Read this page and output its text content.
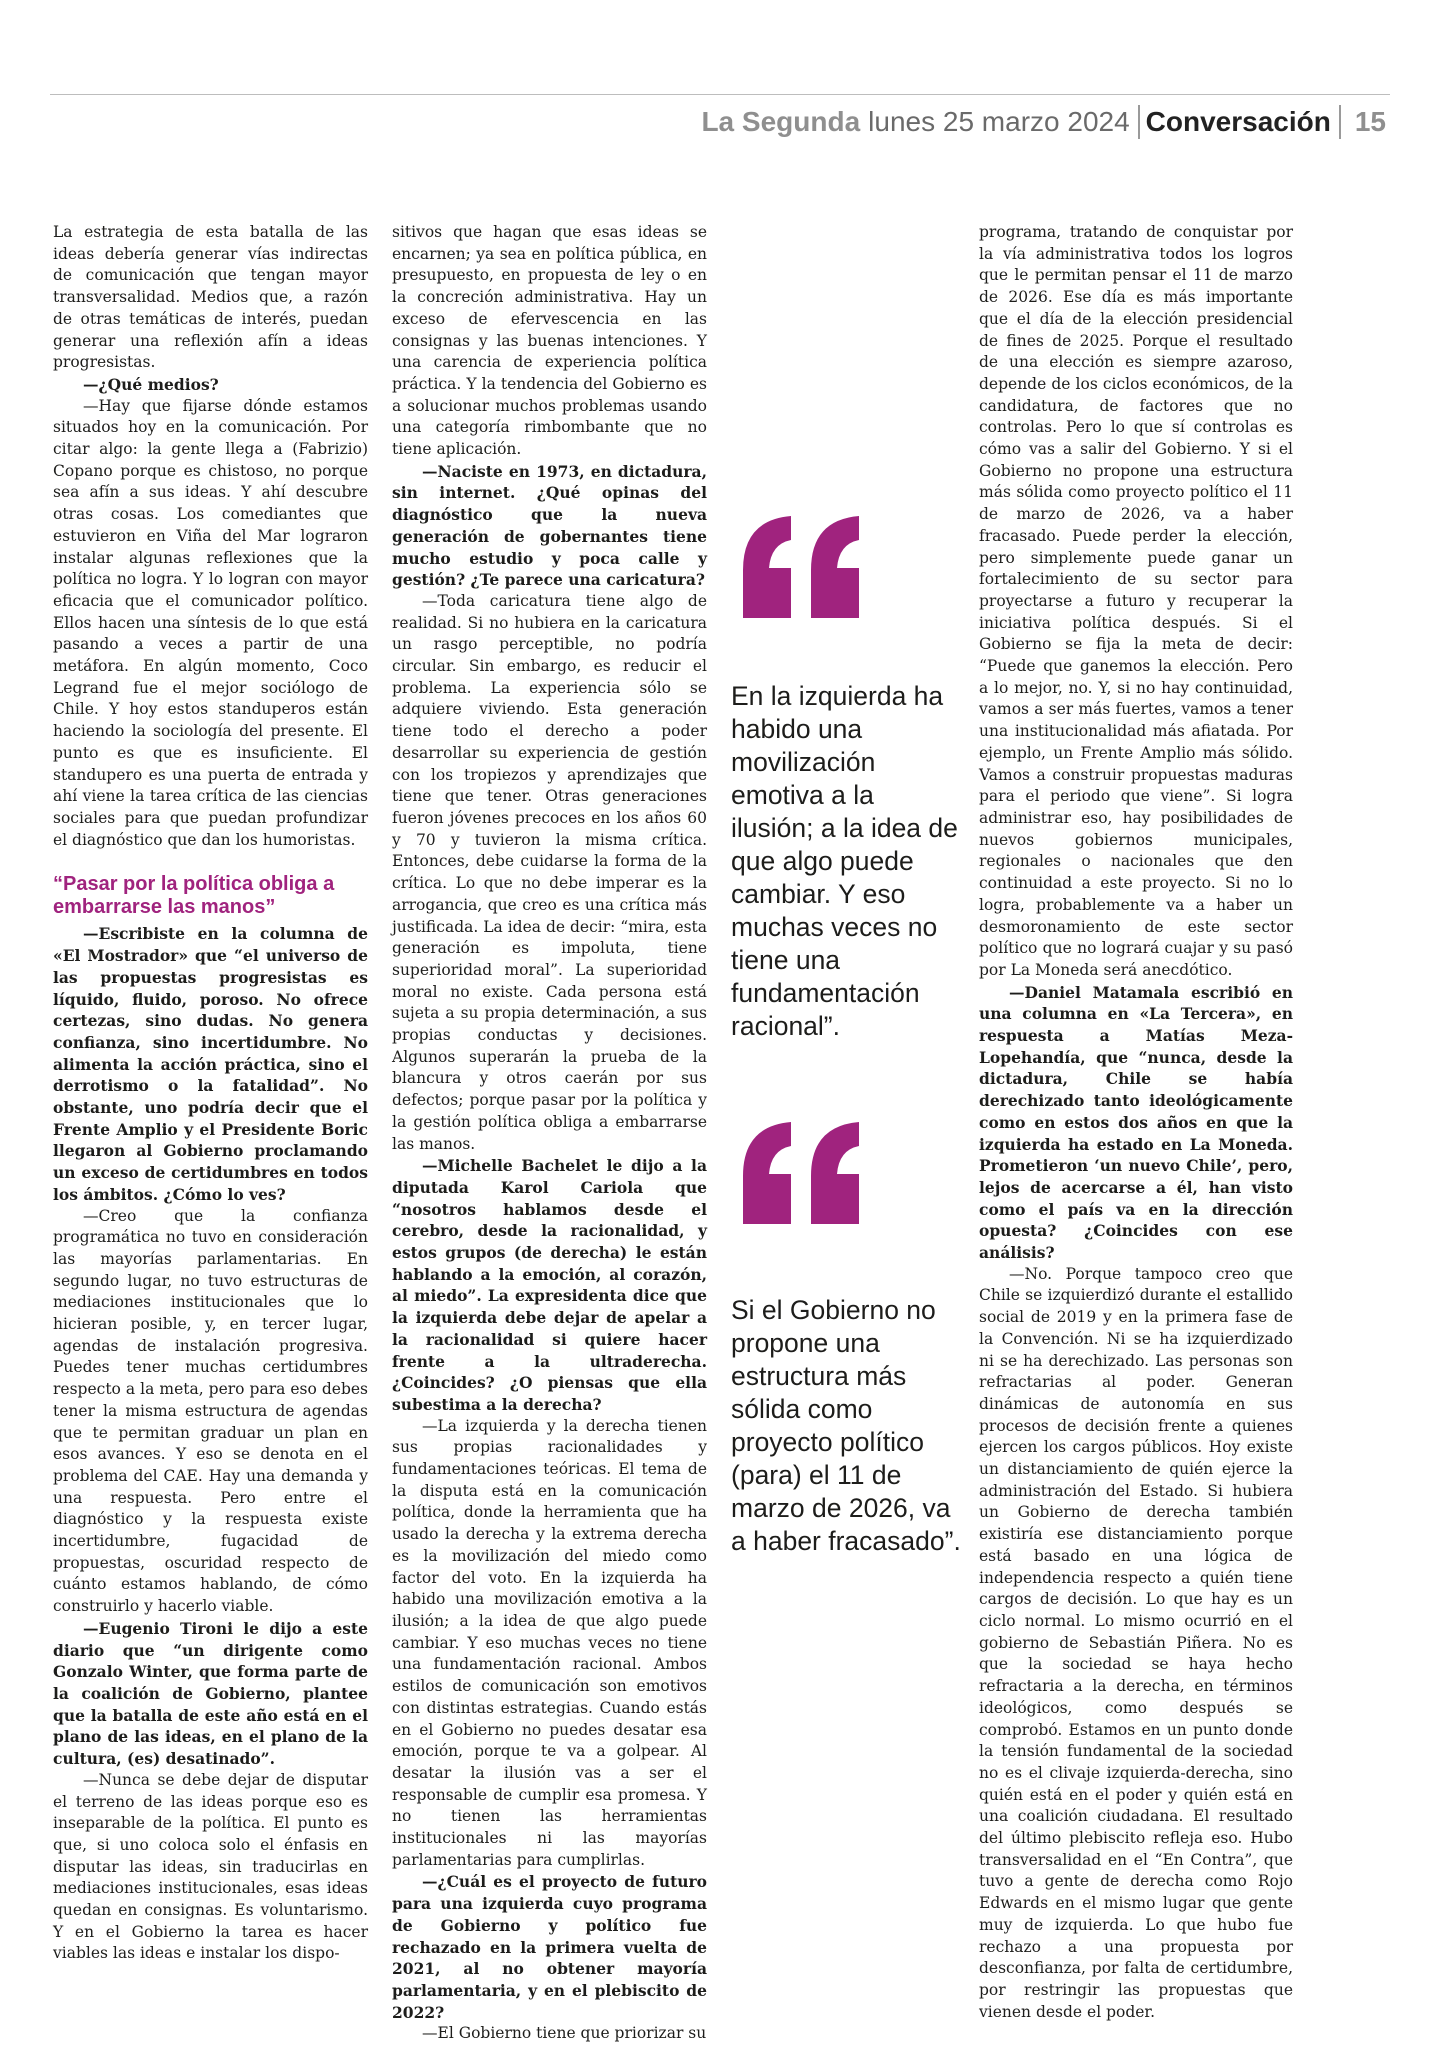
La Segunda lunes 25 marzo 2024 Conversación 15

La estrategia de esta batalla de las ideas debería generar vías indirectas de comunicación que tengan mayor transversalidad. Medios que, a razón de otras temáticas de interés, puedan generar una reflexión afín a ideas progresistas.

—¿Qué medios?

—Hay que fijarse dónde estamos situados hoy en la comunicación. Por citar algo: la gente llega a (Fabrizio) Copano porque es chistoso, no porque sea afín a sus ideas. Y ahí descubre otras cosas. Los comediantes que estuvieron en Viña del Mar lograron instalar algunas reflexiones que la política no logra. Y lo logran con mayor eficacia que el comunicador político. Ellos hacen una síntesis de lo que está pasando a veces a partir de una metáfora. En algún momento, Coco Legrand fue el mejor sociólogo de Chile. Y hoy estos standuperos están haciendo la sociología del presente. El punto es que es insuficiente. El standupero es una puerta de entrada y ahí viene la tarea crítica de las ciencias sociales para que puedan profundizar el diagnóstico que dan los humoristas.

“Pasar por la política obliga a embarrarse las manos”

—Escribiste en la columna de «El Mostrador» que “el universo de las propuestas progresistas es líquido, fluido, poroso. No ofrece certezas, sino dudas. No genera confianza, sino incertidumbre. No alimenta la acción práctica, sino el derrotismo o la fatalidad”. No obstante, uno podría decir que el Frente Amplio y el Presidente Boric llegaron al Gobierno proclamando un exceso de certidumbres en todos los ámbitos. ¿Cómo lo ves?

—Creo que la confianza programática no tuvo en consideración las mayorías parlamentarias. En segundo lugar, no tuvo estructuras de mediaciones institucionales que lo hicieran posible, y, en tercer lugar, agendas de instalación progresiva. Puedes tener muchas certidumbres respecto a la meta, pero para eso debes tener la misma estructura de agendas que te permitan graduar un plan en esos avances. Y eso se denota en el problema del CAE. Hay una demanda y una respuesta. Pero entre el diagnóstico y la respuesta existe incertidumbre, fugacidad de propuestas, oscuridad respecto de cuánto estamos hablando, de cómo construirlo y hacerlo viable.

—Eugenio Tironi le dijo a este diario que “un dirigente como Gonzalo Winter, que forma parte de la coalición de Gobierno, plantee que la batalla de este año está en el plano de las ideas, en el plano de la cultura, (es) desatinado”.

—Nunca se debe dejar de disputar el terreno de las ideas porque eso es inseparable de la política. El punto es que, si uno coloca solo el énfasis en disputar las ideas, sin traducirlas en mediaciones institucionales, esas ideas quedan en consignas. Es voluntarismo. Y en el Gobierno la tarea es hacer viables las ideas e instalar los dispo-

sitivos que hagan que esas ideas se encarnen; ya sea en política pública, en presupuesto, en propuesta de ley o en la concreción administrativa. Hay un exceso de efervescencia en las consignas y las buenas intenciones. Y una carencia de experiencia política práctica. Y la tendencia del Gobierno es a solucionar muchos problemas usando una categoría rimbombante que no tiene aplicación.

—Naciste en 1973, en dictadura, sin internet. ¿Qué opinas del diagnóstico que la nueva generación de gobernantes tiene mucho estudio y poca calle y gestión? ¿Te parece una caricatura?

—Toda caricatura tiene algo de realidad. Si no hubiera en la caricatura un rasgo perceptible, no podría circular. Sin embargo, es reducir el problema. La experiencia sólo se adquiere viviendo. Esta generación tiene todo el derecho a poder desarrollar su experiencia de gestión con los tropiezos y aprendizajes que tiene que tener. Otras generaciones fueron jóvenes precoces en los años 60 y 70 y tuvieron la misma crítica. Entonces, debe cuidarse la forma de la crítica. Lo que no debe imperar es la arrogancia, que creo es una crítica más justificada. La idea de decir: “mira, esta generación es impoluta, tiene superioridad moral”. La superioridad moral no existe. Cada persona está sujeta a su propia determinación, a sus propias conductas y decisiones. Algunos superarán la prueba de la blancura y otros caerán por sus defectos; porque pasar por la política y la gestión política obliga a embarrarse las manos.

—Michelle Bachelet le dijo a la diputada Karol Cariola que “nosotros hablamos desde el cerebro, desde la racionalidad, y estos grupos (de derecha) le están hablando a la emoción, al corazón, al miedo”. La expresidenta dice que la izquierda debe dejar de apelar a la racionalidad si quiere hacer frente a la ultraderecha. ¿Coincides? ¿O piensas que ella subestima a la derecha?

—La izquierda y la derecha tienen sus propias racionalidades y fundamentaciones teóricas. El tema de la disputa está en la comunicación política, donde la herramienta que ha usado la derecha y la extrema derecha es la movilización del miedo como factor del voto. En la izquierda ha habido una movilización emotiva a la ilusión; a la idea de que algo puede cambiar. Y eso muchas veces no tiene una fundamentación racional. Ambos estilos de comunicación son emotivos con distintas estrategias. Cuando estás en el Gobierno no puedes desatar esa emoción, porque te va a golpear. Al desatar la ilusión vas a ser el responsable de cumplir esa promesa. Y no tienen las herramientas institucionales ni las mayorías parlamentarias para cumplirlas.

—¿Cuál es el proyecto de futuro para una izquierda cuyo programa de Gobierno y político fue rechazado en la primera vuelta de 2021, al no obtener mayoría parlamentaria, y en el plebiscito de 2022?

—El Gobierno tiene que priorizar su

En la izquierda ha habido una movilización emotiva a la ilusión; a la idea de que algo puede cambiar. Y eso muchas veces no tiene una fundamentación racional”.
Si el Gobierno no propone una estructura más sólida como proyecto político (para) el 11 de marzo de 2026, va a haber fracasado”.

programa, tratando de conquistar por la vía administrativa todos los logros que le permitan pensar el 11 de marzo de 2026. Ese día es más importante que el día de la elección presidencial de fines de 2025. Porque el resultado de una elección es siempre azaroso, depende de los ciclos económicos, de la candidatura, de factores que no controlas. Pero lo que sí controlas es cómo vas a salir del Gobierno. Y si el Gobierno no propone una estructura más sólida como proyecto político el 11 de marzo de 2026, va a haber fracasado. Puede perder la elección, pero simplemente puede ganar un fortalecimiento de su sector para proyectarse a futuro y recuperar la iniciativa política después. Si el Gobierno se fija la meta de decir: “Puede que ganemos la elección. Pero a lo mejor, no. Y, si no hay continuidad, vamos a ser más fuertes, vamos a tener una institucionalidad más afiatada. Por ejemplo, un Frente Amplio más sólido. Vamos a construir propuestas maduras para el periodo que viene”. Si logra administrar eso, hay posibilidades de nuevos gobiernos municipales, regionales o nacionales que den continuidad a este proyecto. Si no lo logra, probablemente va a haber un desmoronamiento de este sector político que no logrará cuajar y su pasó por La Moneda será anecdótico.

—Daniel Matamala escribió en una columna en «La Tercera», en respuesta a Matías Meza-Lopehandía, que “nunca, desde la dictadura, Chile se había derechizado tanto ideológicamente como en estos dos años en que la izquierda ha estado en La Moneda. Prometieron ‘un nuevo Chile’, pero, lejos de acercarse a él, han visto como el país va en la dirección opuesta? ¿Coincides con ese análisis?

—No. Porque tampoco creo que Chile se izquierdizó durante el estallido social de 2019 y en la primera fase de la Convención. Ni se ha izquierdizado ni se ha derechizado. Las personas son refractarias al poder. Generan dinámicas de autonomía en sus procesos de decisión frente a quienes ejercen los cargos públicos. Hoy existe un distanciamiento de quién ejerce la administración del Estado. Si hubiera un Gobierno de derecha también existiría ese distanciamiento porque está basado en una lógica de independencia respecto a quién tiene cargos de decisión. Lo que hay es un ciclo normal. Lo mismo ocurrió en el gobierno de Sebastián Piñera. No es que la sociedad se haya hecho refractaria a la derecha, en términos ideológicos, como después se comprobó. Estamos en un punto donde la tensión fundamental de la sociedad no es el clivaje izquierda-derecha, sino quién está en el poder y quién está en una coalición ciudadana. El resultado del último plebiscito refleja eso. Hubo transversalidad en el “En Contra”, que tuvo a gente de derecha como Rojo Edwards en el mismo lugar que gente muy de izquierda. Lo que hubo fue rechazo a una propuesta por desconfianza, por falta de certidumbre, por restringir las propuestas que vienen desde el poder.
